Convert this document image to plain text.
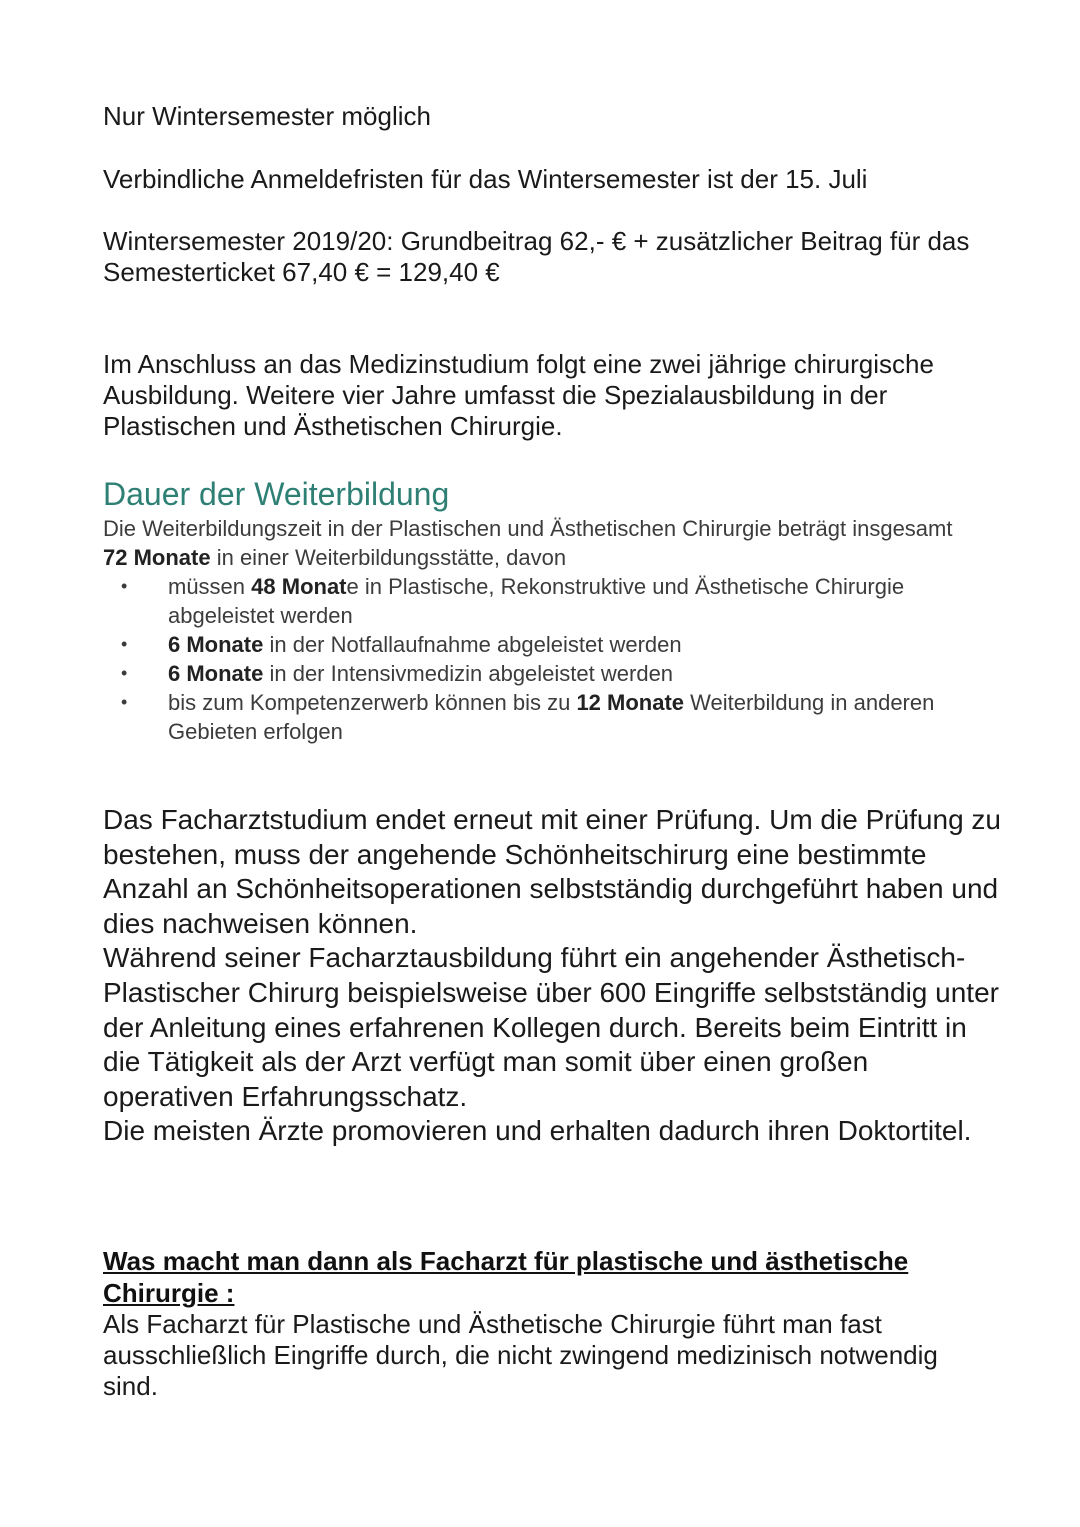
Nur Wintersemester möglich

Verbindliche Anmeldefristen für das Wintersemester ist der 15. Juli

Wintersemester 2019/20: Grundbeitrag 62,- € + zusätzlicher Beitrag für das Semesterticket 67,40 € = 129,40 €

Im Anschluss an das Medizinstudium folgt eine zwei jährige chirurgische Ausbildung. Weitere vier Jahre umfasst die Spezialausbildung in der Plastischen und Ästhetischen Chirurgie.

Dauer der Weiterbildung

Die Weiterbildungszeit in der Plastischen und Ästhetischen Chirurgie beträgt insgesamt 72 Monate in einer Weiterbildungsstätte, davon

• müssen 48 Monate in Plastische, Rekonstruktive und Ästhetische Chirurgie abgeleistet werden
• 6 Monate in der Notfallaufnahme abgeleistet werden
• 6 Monate in der Intensivmedizin abgeleistet werden
• bis zum Kompetenzerwerb können bis zu 12 Monate Weiterbildung in anderen Gebieten erfolgen

Das Facharztstudium endet erneut mit einer Prüfung. Um die Prüfung zu bestehen, muss der angehende Schönheitschirurg eine bestimmte Anzahl an Schönheitsoperationen selbstständig durchgeführt haben und dies nachweisen können.
Während seiner Facharztausbildung führt ein angehender Ästhetisch-Plastischer Chirurg beispielsweise über 600 Eingriffe selbstständig unter der Anleitung eines erfahrenen Kollegen durch. Bereits beim Eintritt in die Tätigkeit als der Arzt verfügt man somit über einen großen operativen Erfahrungsschatz.
Die meisten Ärzte promovieren und erhalten dadurch ihren Doktortitel.

Was macht man dann als Facharzt für plastische und ästhetische Chirurgie :

Als Facharzt für Plastische und Ästhetische Chirurgie führt man fast ausschließlich Eingriffe durch, die nicht zwingend medizinisch notwendig sind.
